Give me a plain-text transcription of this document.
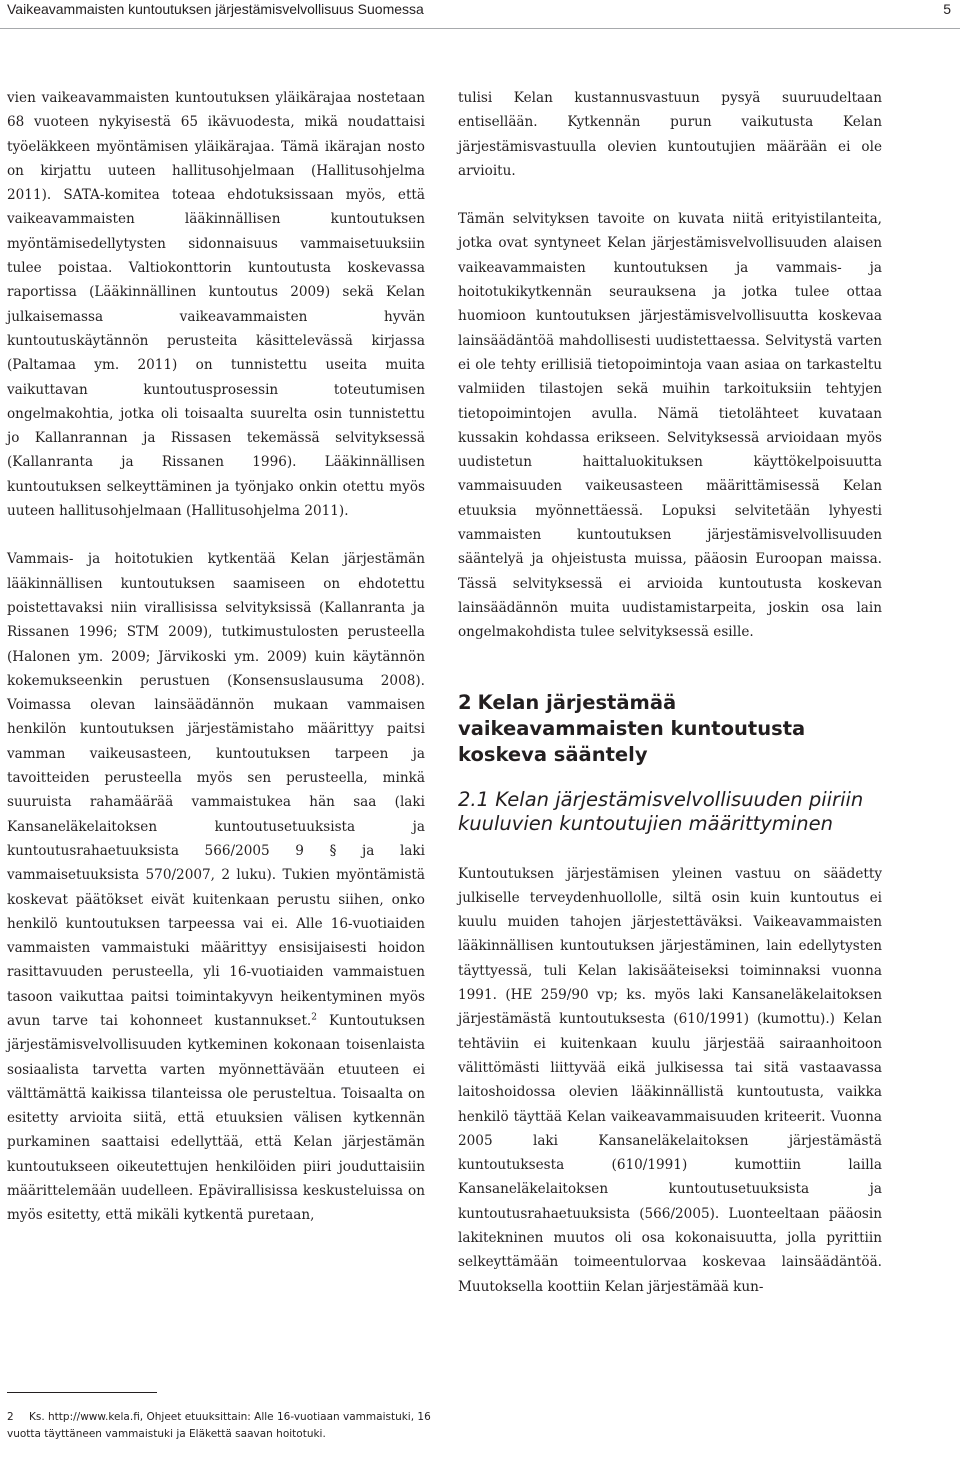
Vaikeavammaisten kuntoutuksen järjestämisvelvollisuus Suomessa	5

vien vaikeavammaisten kuntoutuksen yläikärajaa nostetaan 68 vuoteen nykyisestä 65 ikävuodesta, mikä noudattaisi työeläkkeen myöntämisen yläikärajaa. Tämä ikärajan nosto on kirjattu uuteen hallitusohjelmaan (Hallitusohjelma 2011). SATA-komitea toteaa ehdotuksissaan myös, että vaikeavammaisten lääkinnällisen kuntoutuksen myöntämisedellytysten sidonnaisuus vammaisetuuksiin tulee poistaa. Valtiokonttorin kuntoutusta koskevassa raportissa (Lääkinnällinen kuntoutus 2009) sekä Kelan julkaisemassa vaikeavammaisten hyvän kuntoutuskäytännön perusteita käsittelevässä kirjassa (Paltamaa ym. 2011) on tunnistettu useita muita vaikuttavan kuntoutusprosessin toteutumisen ongelmakohtia, jotka oli toisaalta suurelta osin tunnistettu jo Kallanrannan ja Rissasen tekemässä selvityksessä (Kallanranta ja Rissanen 1996). Lääkinnällisen kuntoutuksen selkeyttäminen ja työnjako onkin otettu myös uuteen hallitusohjelmaan (Hallitusohjelma 2011).

Vammais- ja hoitotukien kytkentää Kelan järjestämän lääkinnällisen kuntoutuksen saamiseen on ehdotettu poistettavaksi niin virallisissa selvityksissä (Kallanranta ja Rissanen 1996; STM 2009), tutkimustulosten perusteella (Halonen ym. 2009; Järvikoski ym. 2009) kuin käytännön kokemukseenkin perustuen (Konsensuslausuma 2008). Voimassa olevan lainsäädännön mukaan vammaisen henkilön kuntoutuksen järjestämistaho määrittyy paitsi vamman vaikeusasteen, kuntoutuksen tarpeen ja tavoitteiden perusteella myös sen perusteella, minkä suuruista rahamäärää vammaistukea hän saa (laki Kansaneläkelaitoksen kuntoutusetuuksista ja kuntoutusrahaetuuksista 566/2005 9 § ja laki vammaisetuuksista 570/2007, 2 luku). Tukien myöntämistä koskevat päätökset eivät kuitenkaan perustu siihen, onko henkilö kuntoutuksen tarpeessa vai ei. Alle 16-vuotiaiden vammaisten vammaistuki määrittyy ensisijaisesti hoidon rasittavuuden perusteella, yli 16-vuotiaiden vammaistuen tasoon vaikuttaa paitsi toimintakyvyn heikentyminen myös avun tarve tai kohonneet kustannukset.$^2$ Kuntoutuksen järjestämisvelvollisuuden kytkeminen kokonaan toisenlaista sosiaalista tarvetta varten myönnettävään etuuteen ei välttämättä kaikissa tilanteissa ole perusteltua. Toisaalta on esitetty arvioita siitä, että etuuksien välisen kytkennän purkaminen saattaisi edellyttää, että Kelan järjestämän kuntoutukseen oikeutettujen henkilöiden piiri jouduttaisiin määrittelemään uudelleen. Epävirallisissa keskusteluissa on myös esitetty, että mikäli kytkentä puretaan,

tulisi Kelan kustannusvastuun pysyä suuruudeltaan entisellään. Kytkennän purun vaikutusta Kelan järjestämisvastuulla olevien kuntoutujien määrään ei ole arvioitu.

Tämän selvityksen tavoite on kuvata niitä erityistilanteita, jotka ovat syntyneet Kelan järjestämisvelvollisuuden alaisen vaikeavammaisten kuntoutuksen ja vammais- ja hoitotukikytkennän seurauksena ja jotka tulee ottaa huomioon kuntoutuksen järjestämisvelvollisuutta koskevaa lainsäädäntöä mahdollisesti uudistettaessa. Selvitystä varten ei ole tehty erillisiä tietopoimintoja vaan asiaa on tarkasteltu valmiiden tilastojen sekä muihin tarkoituksiin tehtyjen tietopoimintojen avulla. Nämä tietolähteet kuvataan kussakin kohdassa erikseen. Selvityksessä arvioidaan myös uudistetun haittaluokituksen käyttökelpoisuutta vammaisuuden vaikeusasteen määrittämisessä Kelan etuuksia myönnettäessä. Lopuksi selvitetään lyhyesti vammaisten kuntoutuksen järjestämisvelvollisuuden sääntelyä ja ohjeistusta muissa, pääosin Euroopan maissa. Tässä selvityksessä ei arvioida kuntoutusta koskevan lainsäädännön muita uudistamistarpeita, joskin osa lain ongelmakohdista tulee selvityksessä esille.

2 Kelan järjestämää vaikeavammaisten kuntoutusta koskeva sääntely
2.1 Kelan järjestämisvelvollisuuden piiriin kuuluvien kuntoutujien määrittyminen

Kuntoutuksen järjestämisen yleinen vastuu on säädetty julkiselle terveydenhuollolle, siltä osin kuin kuntoutus ei kuulu muiden tahojen järjestettäväksi. Vaikeavammaisten lääkinnällisen kuntoutuksen järjestäminen, lain edellytysten täyttyessä, tuli Kelan lakisääteiseksi toiminnaksi vuonna 1991. (HE 259/90 vp; ks. myös laki Kansaneläkelaitoksen järjestämästä kuntoutuksesta (610/1991) (kumottu).) Kelan tehtäviin ei kuitenkaan kuulu järjestää sairaanhoitoon välittömästi liittyvää eikä julkisessa tai sitä vastaavassa laitoshoidossa olevien lääkinnällistä kuntoutusta, vaikka henkilö täyttää Kelan vaikeavammaisuuden kriteerit. Vuonna 2005 laki Kansaneläkelaitoksen järjestämästä kuntoutuksesta (610/1991) kumottiin lailla Kansaneläkelaitoksen kuntoutusetuuksista ja kuntoutusrahaetuuksista (566/2005). Luonteeltaan pääosin lakitekninen muutos oli osa kokonaisuutta, jolla pyrittiin selkeyttämään toimeentulorvaa koskevaa lainsäädäntöä. Muutoksella koottiin Kelan järjestämää kun-

2 Ks. http://www.kela.fi, Ohjeet etuuksittain: Alle 16-vuotiaan vammaistuki, 16 vuotta täyttäneen vammaistuki ja Eläkettä saavan hoitotuki.
